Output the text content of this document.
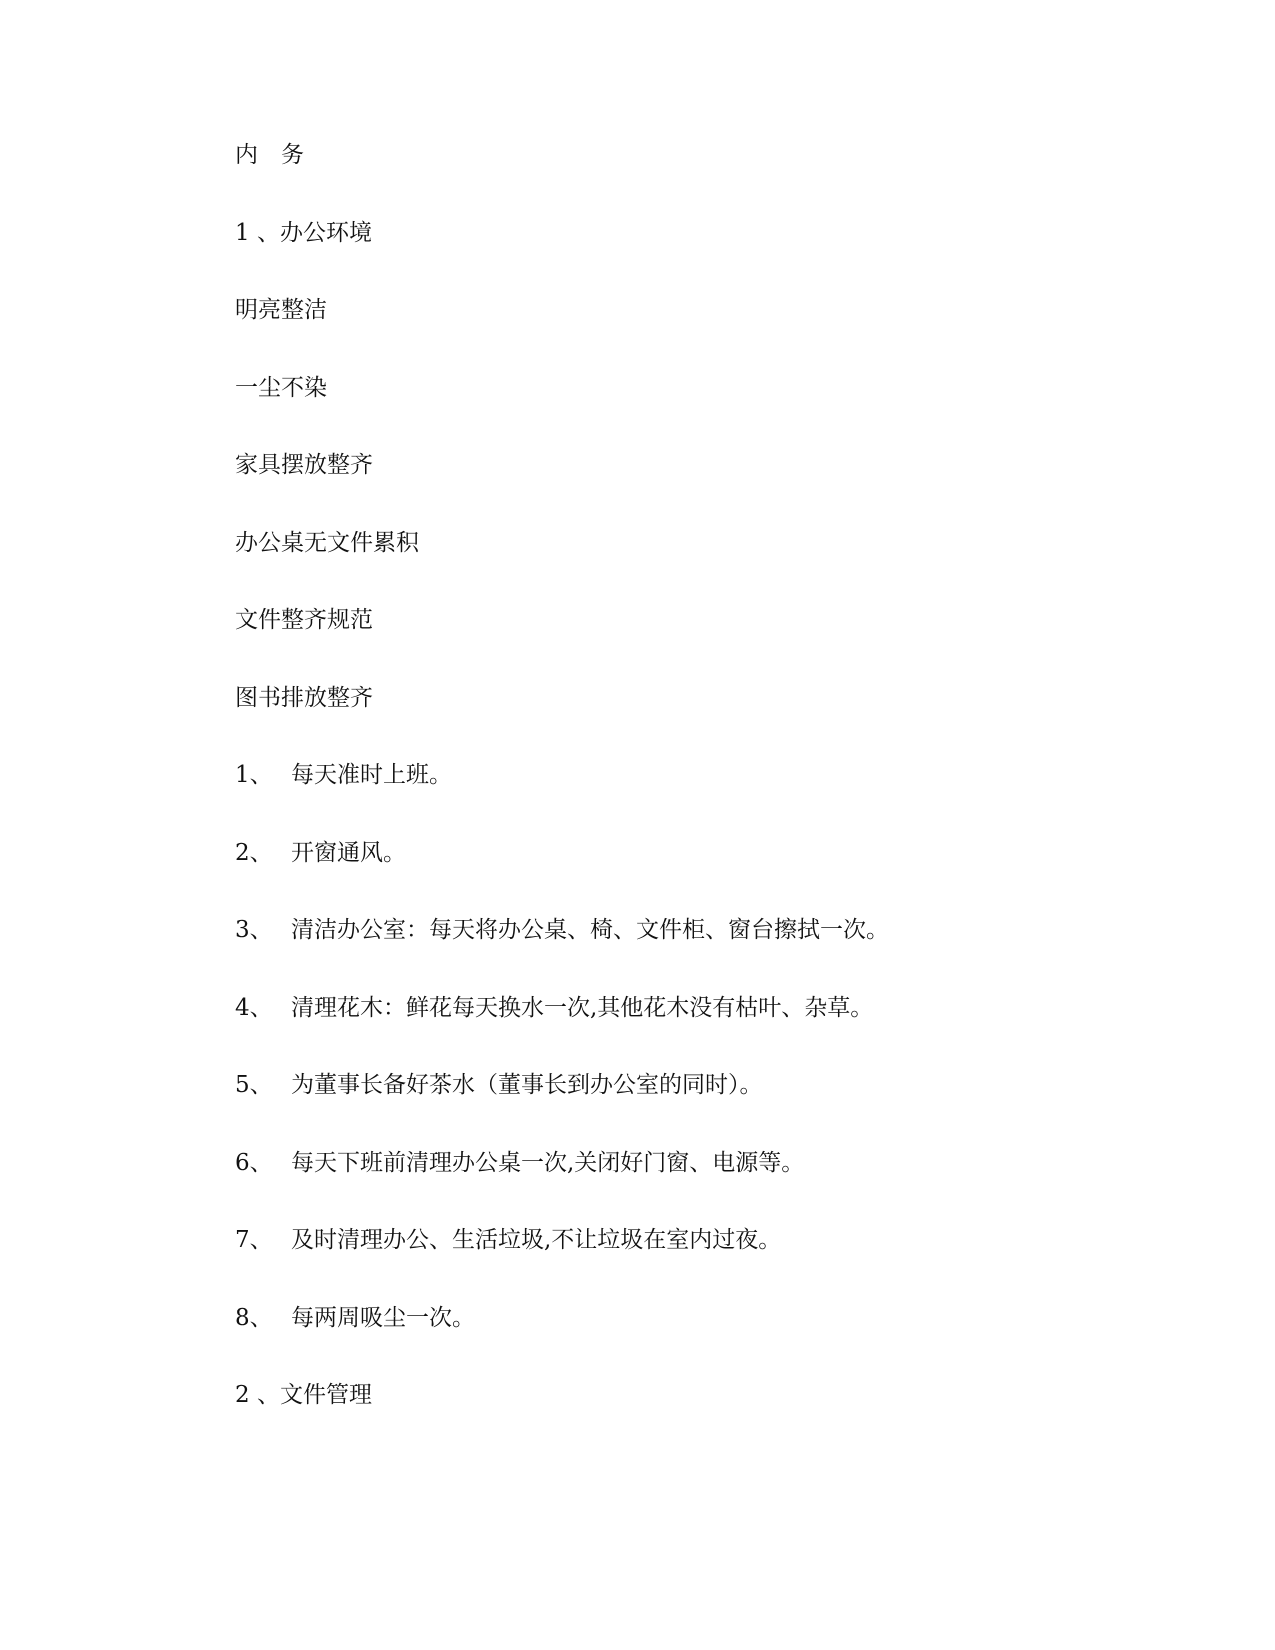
内　务
1 、办公环境
明亮整洁
一尘不染
家具摆放整齐
办公桌无文件累积
文件整齐规范
图书排放整齐
1、 每天准时上班。
2、 开窗通风。
3、 清洁办公室：每天将办公桌、椅、文件柜、窗台擦拭一次。
4、 清理花木：鲜花每天换水一次,其他花木没有枯叶、杂草。
5、 为董事长备好茶水（董事长到办公室的同时）。
6、 每天下班前清理办公桌一次,关闭好门窗、电源等。
7、 及时清理办公、生活垃圾,不让垃圾在室内过夜。
8、 每两周吸尘一次。
2 、文件管理
